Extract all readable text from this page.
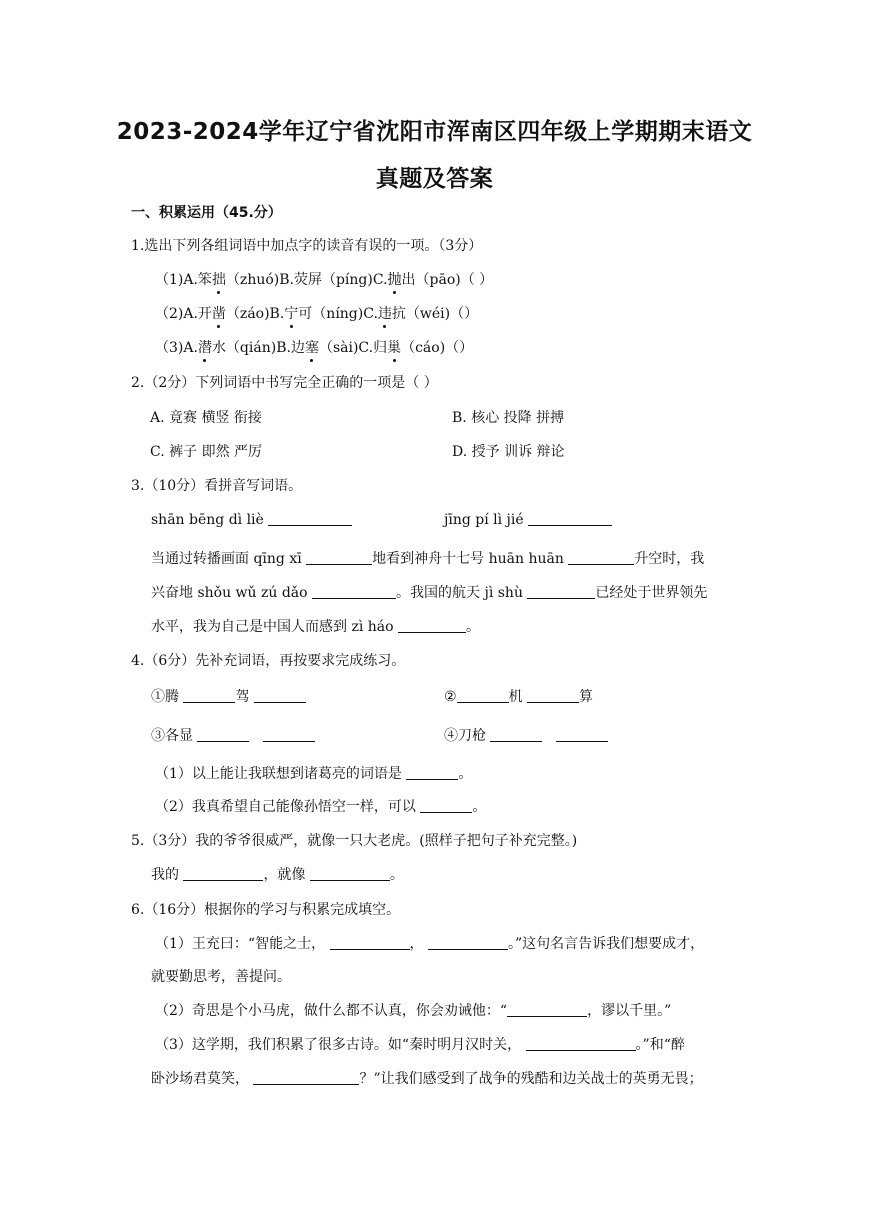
2023-2024学年辽宁省沈阳市浑南区四年级上学期期末语文
真题及答案
一、积累运用（45.分）
1.选出下列各组词语中加点字的读音有误的一项。（3分）
（1)A.笨拙（zhuó)B.荧屏（píng)C.抛出（pāo)（ ）
（2)A.开凿（záo)B.宁可（níng)C.违抗（wéi)（）
（3)A.潜水（qián)B.边塞（sài)C.归巢（cáo)（）
2.（2分）下列词语中书写完全正确的一项是（ ）
A. 竟赛 横竖 衔接	B. 核心 投降 拼搏
C. 裤子 即然 严厉	D. 授予 训诉 辩论
3.（10分）看拼音写词语。
shān bēng dì liè	jīng pí lì jié
当通过转播画面 qīng xī	地看到神舟十七号 huān huān	升空时，我
兴奋地 shǒu wǔ zú dǎo	。我国的航天 jì shù	已经处于世界领先
水平，我为自己是中国人而感到 zì háo	。
4.（6分）先补充词语，再按要求完成练习。
①腾	驾	②	机	算
③各显	④刀枪
（1）以上能让我联想到诸葛亮的词语是	。
（2）我真希望自己能像孙悟空一样，可以	。
5.（3分）我的爷爷很威严，就像一只大老虎。(照样子把句子补充完整。)
我的	，就像	。
6.（16分）根据你的学习与积累完成填空。
（1）王充曰：“智能之士，	，	。”这句名言告诉我们想要成才，
就要勤思考，善提问。
（2）奇思是个小马虎，做什么都不认真，你会劝诫他：“	，谬以千里。”
（3）这学期，我们积累了很多古诗。如“秦时明月汉时关，	。”和“醉
卧沙场君莫笑，	？”让我们感受到了战争的残酷和边关战士的英勇无畏；
